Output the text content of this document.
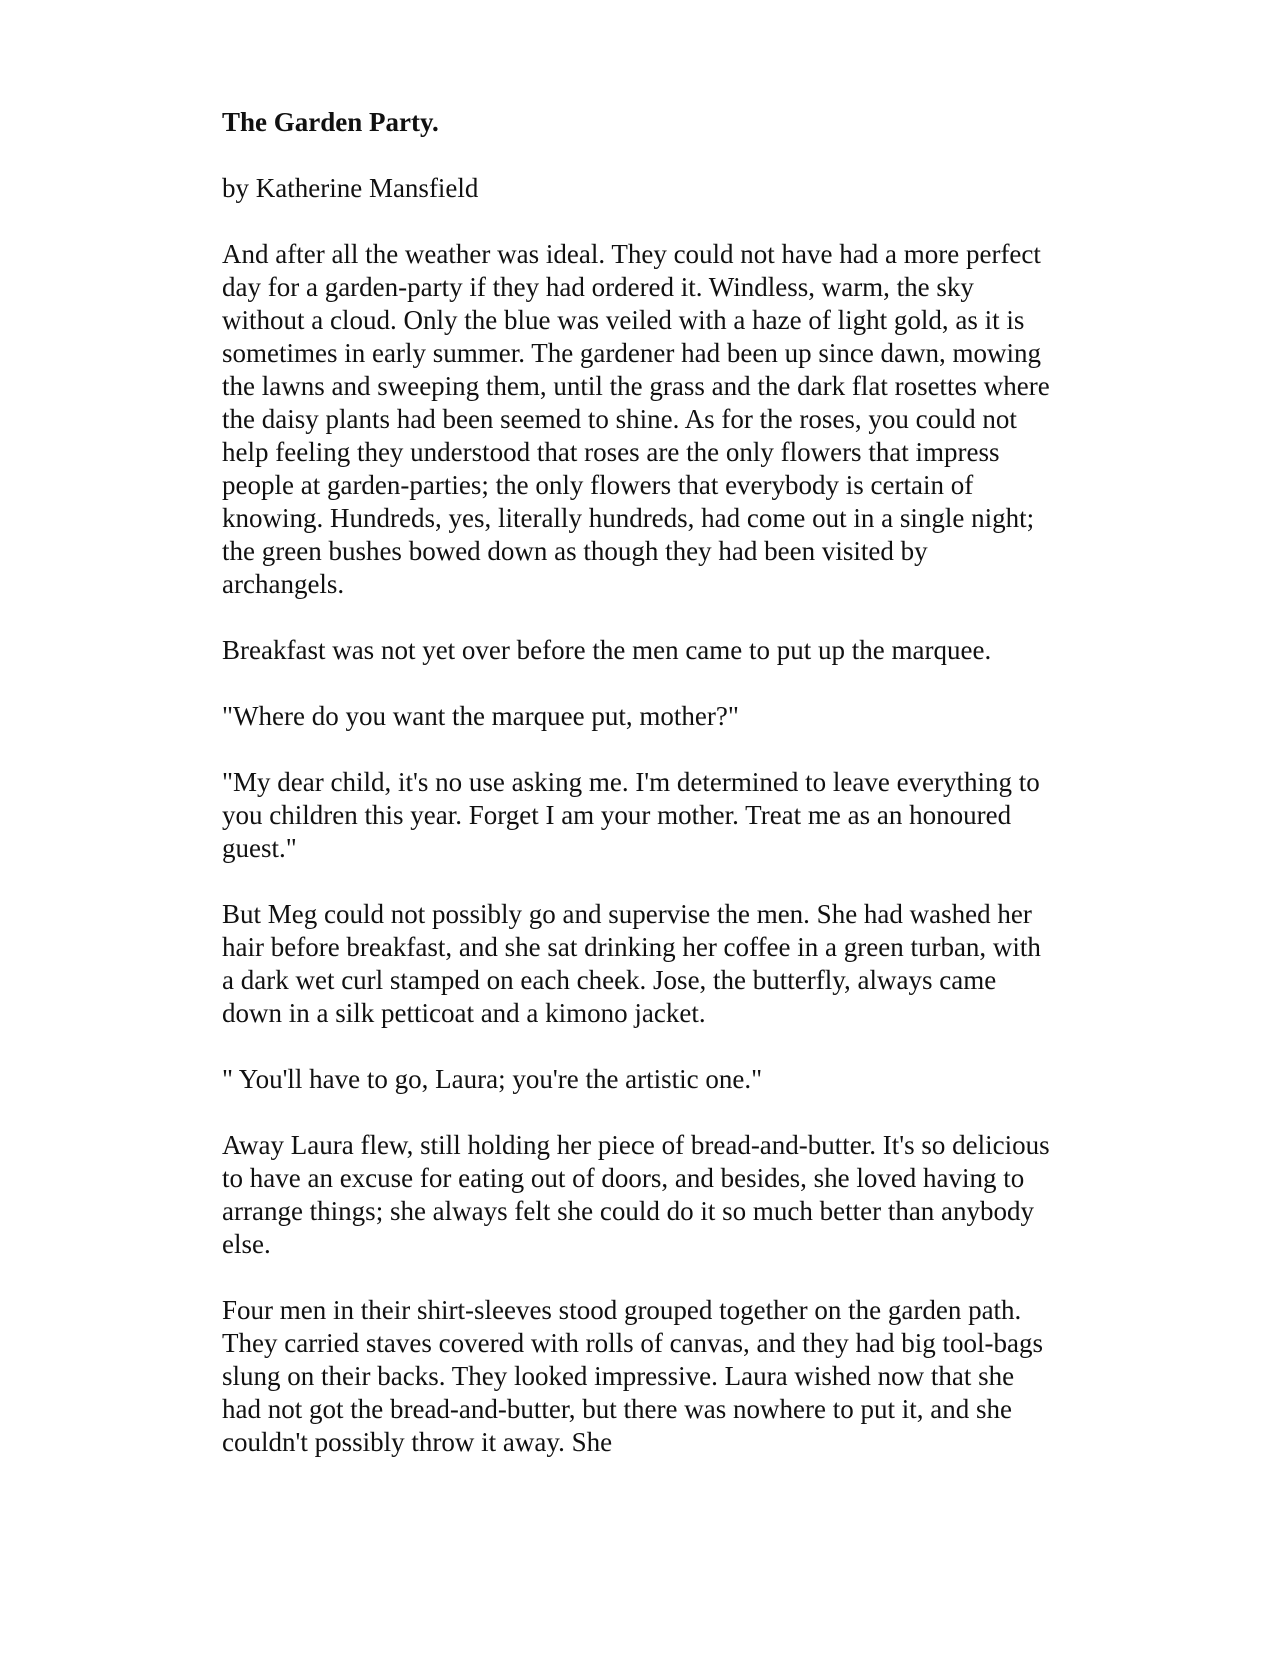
The Garden Party.
by Katherine Mansfield

And after all the weather was ideal. They could not have had a more perfect day for a garden-party if they had ordered it. Windless, warm, the sky without a cloud. Only the blue was veiled with a haze of light gold, as it is sometimes in early summer. The gardener had been up since dawn, mowing the lawns and sweeping them, until the grass and the dark flat rosettes where the daisy plants had been seemed to shine. As for the roses, you could not help feeling they understood that roses are the only flowers that impress people at garden-parties; the only flowers that everybody is certain of knowing. Hundreds, yes, literally hundreds, had come out in a single night; the green bushes bowed down as though they had been visited by archangels.

Breakfast was not yet over before the men came to put up the marquee.

"Where do you want the marquee put, mother?"

"My dear child, it's no use asking me. I'm determined to leave everything to you children this year. Forget I am your mother. Treat me as an honoured guest."

But Meg could not possibly go and supervise the men. She had washed her hair before breakfast, and she sat drinking her coffee in a green turban, with a dark wet curl stamped on each cheek. Jose, the butterfly, always came down in a silk petticoat and a kimono jacket.

" You'll have to go, Laura; you're the artistic one."

Away Laura flew, still holding her piece of bread-and-butter. It's so delicious to have an excuse for eating out of doors, and besides, she loved having to arrange things; she always felt she could do it so much better than anybody else.

Four men in their shirt-sleeves stood grouped together on the garden path. They carried staves covered with rolls of canvas, and they had big tool-bags slung on their backs. They looked impressive. Laura wished now that she had not got the bread-and-butter, but there was nowhere to put it, and she couldn't possibly throw it away. She
